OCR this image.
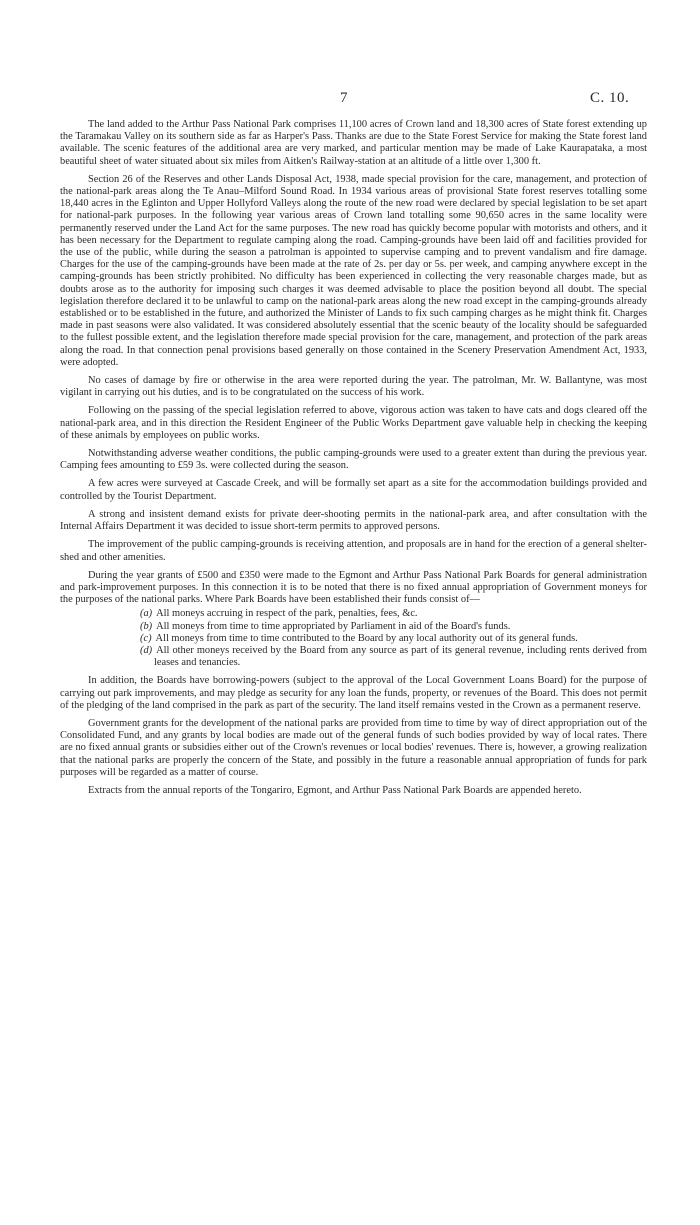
7	C. 10.

The land added to the Arthur Pass National Park comprises 11,100 acres of Crown land and 18,300 acres of State forest extending up the Taramakau Valley on its southern side as far as Harper's Pass. Thanks are due to the State Forest Service for making the State forest land available. The scenic features of the additional area are very marked, and particular mention may be made of Lake Kaurapataka, a most beautiful sheet of water situated about six miles from Aitken's Railway-station at an altitude of a little over 1,300 ft.

Section 26 of the Reserves and other Lands Disposal Act, 1938, made special provision for the care, management, and protection of the national-park areas along the Te Anau–Milford Sound Road. In 1934 various areas of provisional State forest reserves totalling some 18,440 acres in the Eglinton and Upper Hollyford Valleys along the route of the new road were declared by special legislation to be set apart for national-park purposes. In the following year various areas of Crown land totalling some 90,650 acres in the same locality were permanently reserved under the Land Act for the same purposes. The new road has quickly become popular with motorists and others, and it has been necessary for the Department to regulate camping along the road. Camping-grounds have been laid off and facilities provided for the use of the public, while during the season a patrolman is appointed to supervise camping and to prevent vandalism and fire damage. Charges for the use of the camping-grounds have been made at the rate of 2s. per day or 5s. per week, and camping anywhere except in the camping-grounds has been strictly prohibited. No difficulty has been experienced in collecting the very reasonable charges made, but as doubts arose as to the authority for imposing such charges it was deemed advisable to place the position beyond all doubt. The special legislation therefore declared it to be unlawful to camp on the national-park areas along the new road except in the camping-grounds already established or to be established in the future, and authorized the Minister of Lands to fix such camping charges as he might think fit. Charges made in past seasons were also validated. It was considered absolutely essential that the scenic beauty of the locality should be safeguarded to the fullest possible extent, and the legislation therefore made special provision for the care, management, and protection of the park areas along the road. In that connection penal provisions based generally on those contained in the Scenery Preservation Amendment Act, 1933, were adopted.

No cases of damage by fire or otherwise in the area were reported during the year. The patrolman, Mr. W. Ballantyne, was most vigilant in carrying out his duties, and is to be congratulated on the success of his work.

Following on the passing of the special legislation referred to above, vigorous action was taken to have cats and dogs cleared off the national-park area, and in this direction the Resident Engineer of the Public Works Department gave valuable help in checking the keeping of these animals by employees on public works.

Notwithstanding adverse weather conditions, the public camping-grounds were used to a greater extent than during the previous year. Camping fees amounting to £59 3s. were collected during the season.

A few acres were surveyed at Cascade Creek, and will be formally set apart as a site for the accommodation buildings provided and controlled by the Tourist Department.

A strong and insistent demand exists for private deer-shooting permits in the national-park area, and after consultation with the Internal Affairs Department it was decided to issue short-term permits to approved persons.

The improvement of the public camping-grounds is receiving attention, and proposals are in hand for the erection of a general shelter-shed and other amenities.

During the year grants of £500 and £350 were made to the Egmont and Arthur Pass National Park Boards for general administration and park-improvement purposes. In this connection it is to be noted that there is no fixed annual appropriation of Government moneys for the purposes of the national parks. Where Park Boards have been established their funds consist of—

(a) All moneys accruing in respect of the park, penalties, fees, &c.
(b) All moneys from time to time appropriated by Parliament in aid of the Board's funds.
(c) All moneys from time to time contributed to the Board by any local authority out of its general funds.
(d) All other moneys received by the Board from any source as part of its general revenue, including rents derived from leases and tenancies.

In addition, the Boards have borrowing-powers (subject to the approval of the Local Government Loans Board) for the purpose of carrying out park improvements, and may pledge as security for any loan the funds, property, or revenues of the Board. This does not permit of the pledging of the land comprised in the park as part of the security. The land itself remains vested in the Crown as a permanent reserve.

Government grants for the development of the national parks are provided from time to time by way of direct appropriation out of the Consolidated Fund, and any grants by local bodies are made out of the general funds of such bodies provided by way of local rates. There are no fixed annual grants or subsidies either out of the Crown's revenues or local bodies' revenues. There is, however, a growing realization that the national parks are properly the concern of the State, and possibly in the future a reasonable annual appropriation of funds for park purposes will be regarded as a matter of course.

Extracts from the annual reports of the Tongariro, Egmont, and Arthur Pass National Park Boards are appended hereto.
